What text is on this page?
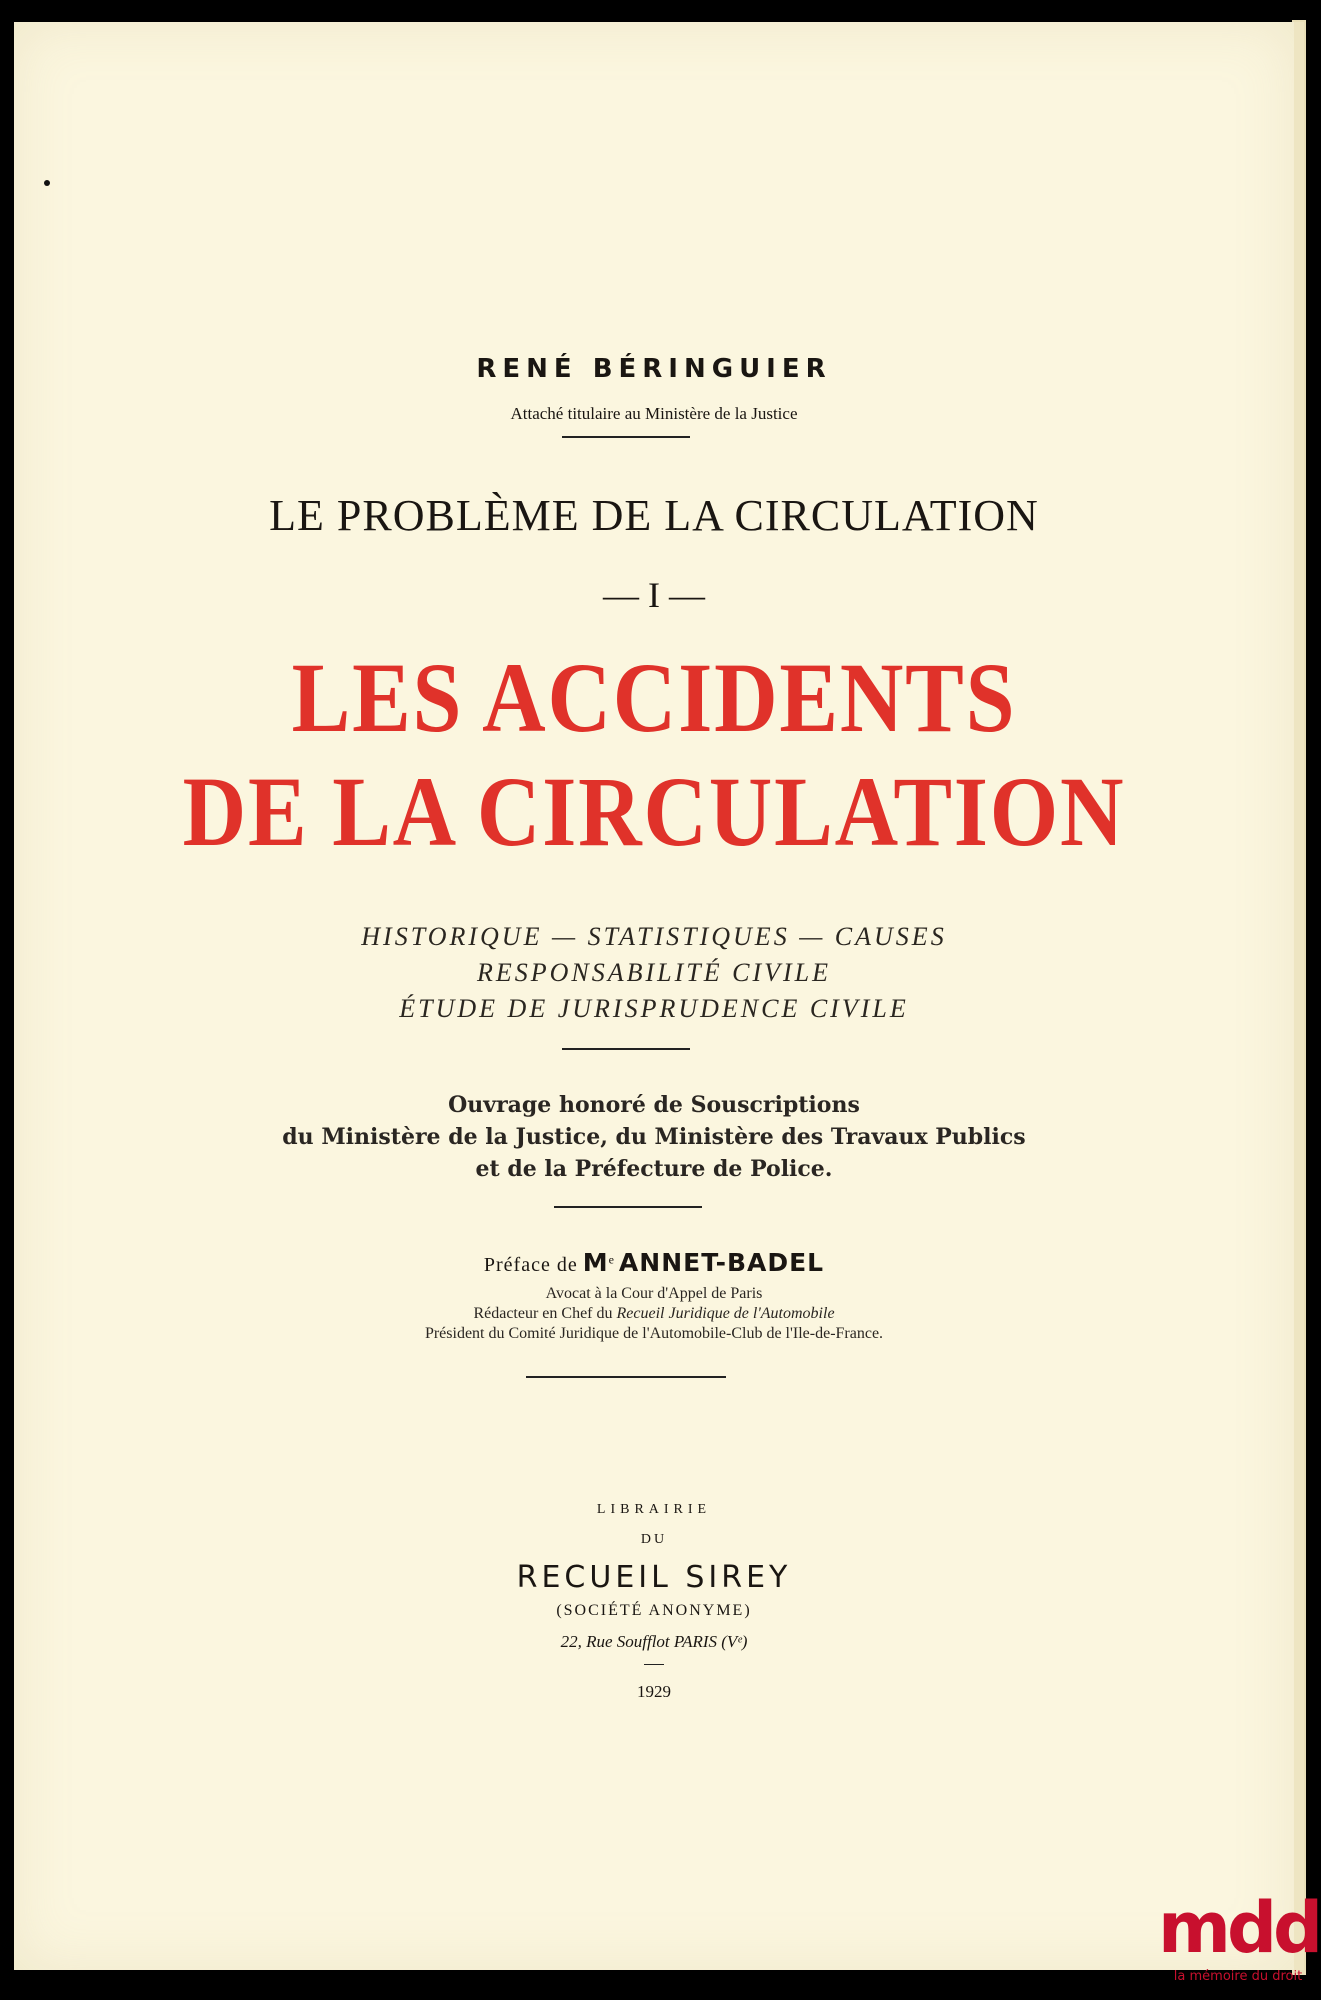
RENÉ BÉRINGUIER
Attaché titulaire au Ministère de la Justice
LE PROBLÈME DE LA CIRCULATION
— I —
LES ACCIDENTS
DE LA CIRCULATION
HISTORIQUE — STATISTIQUES — CAUSES
RESPONSABILITÉ CIVILE
ÉTUDE DE JURISPRUDENCE CIVILE
Ouvrage honoré de Souscriptions
du Ministère de la Justice, du Ministère des Travaux Publics
et de la Préfecture de Police.
Préface de Me ANNET-BADEL
Avocat à la Cour d'Appel de Paris
Rédacteur en Chef du Recueil Juridique de l'Automobile
Président du Comité Juridique de l'Automobile-Club de l'Ile-de-France.
LIBRAIRIE
DU
RECUEIL SIREY
(SOCIÉTÉ ANONYME)
22, Rue Soufflot PARIS (Vᵉ)
1929
mdd
la mémoire du droit
